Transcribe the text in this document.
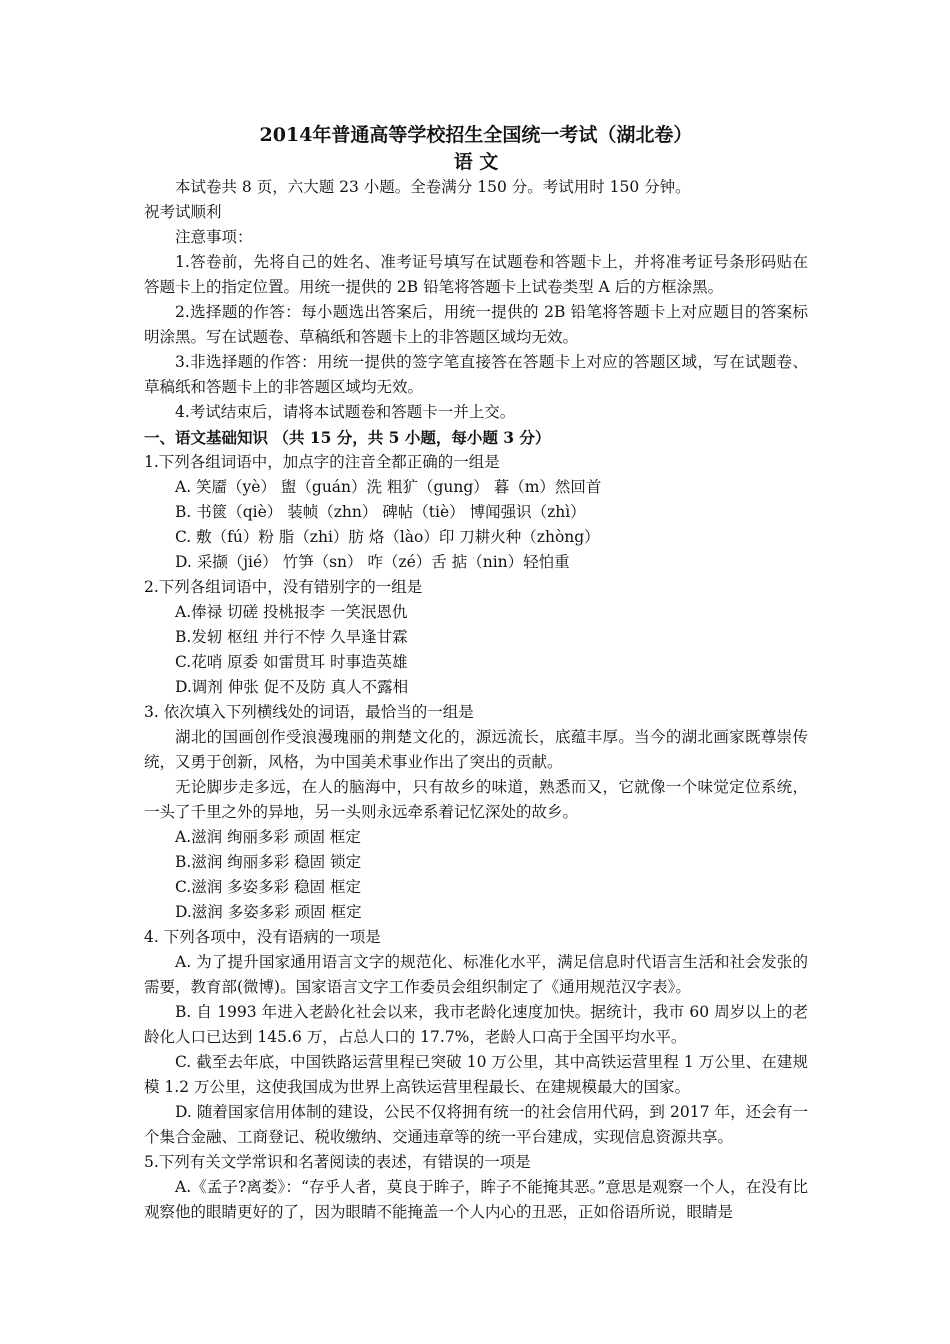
2014年普通高等学校招生全国统一考试（湖北卷）
语 文

本试卷共 8 页，六大题 23 小题。全卷满分 150 分。考试用时 150 分钟。

祝考试顺利

注意事项：

1.答卷前，先将自己的姓名、准考证号填写在试题卷和答题卡上，并将准考证号条形码贴在答题卡上的指定位置。用统一提供的 2B 铅笔将答题卡上试卷类型 A 后的方框涂黑。

2.选择题的作答：每小题选出答案后，用统一提供的 2B 铅笔将答题卡上对应题目的答案标明涂黑。写在试题卷、草稿纸和答题卡上的非答题区域均无效。

3.非选择题的作答：用统一提供的签字笔直接答在答题卡上对应的答题区域，写在试题卷、草稿纸和答题卡上的非答题区域均无效。

4.考试结束后，请将本试题卷和答题卡一并上交。

一、语文基础知识 （共 15 分，共 5 小题，每小题 3 分）

1.下列各组词语中，加点字的注音全都正确的一组是

A. 笑靥（yè） 盥（guán）洗 粗犷（gung） 暮（m）然回首

B. 书篋（qiè） 装帧（zhn） 碑帖（tiè） 博闻强识（zhì）

C. 敷（fú）粉 脂（zhi）肪 烙（lào）印 刀耕火种（zhòng）

D. 采撷（jié） 竹笋（sn） 咋（zé）舌 掂（nin）轻怕重

2.下列各组词语中，没有错别字的一组是

A.俸禄 切磋 投桃报李 一笑泯恩仇

B.发轫 枢纽 并行不悖 久旱逢甘霖

C.花哨 原委 如雷贯耳 时事造英雄

D.调剂 伸张 促不及防 真人不露相

3. 依次填入下列横线处的词语，最恰当的一组是

湖北的国画创作受浪漫瑰丽的荆楚文化的，源远流长，底蕴丰厚。当今的湖北画家既尊崇传统，又勇于创新，风格，为中国美术事业作出了突出的贡献。

无论脚步走多远，在人的脑海中，只有故乡的味道，熟悉而又，它就像一个味觉定位系统，一头了千里之外的异地，另一头则永远牵系着记忆深处的故乡。

A.滋润 绚丽多彩 顽固 框定

B.滋润 绚丽多彩 稳固 锁定

C.滋润 多姿多彩 稳固 框定

D.滋润 多姿多彩 顽固 框定

4. 下列各项中，没有语病的一项是

A. 为了提升国家通用语言文字的规范化、标准化水平，满足信息时代语言生活和社会发张的需要，教育部(微博)。国家语言文字工作委员会组织制定了《通用规范汉字表》。

B. 自 1993 年进入老龄化社会以来，我市老龄化速度加快。据统计，我市 60 周岁以上的老龄化人口已达到 145.6 万，占总人口的 17.7%，老龄人口高于全国平均水平。

C. 截至去年底，中国铁路运营里程已突破 10 万公里，其中高铁运营里程 1 万公里、在建规模 1.2 万公里，这使我国成为世界上高铁运营里程最长、在建规模最大的国家。

D. 随着国家信用体制的建设，公民不仅将拥有统一的社会信用代码，到 2017 年，还会有一个集合金融、工商登记、税收缴纳、交通违章等的统一平台建成，实现信息资源共享。

5.下列有关文学常识和名著阅读的表述，有错误的一项是

A.《孟子?离娄》：“存乎人者，莫良于眸子，眸子不能掩其恶。”意思是观察一个人，在没有比观察他的眼睛更好的了，因为眼睛不能掩盖一个人内心的丑恶，正如俗语所说，眼睛是
